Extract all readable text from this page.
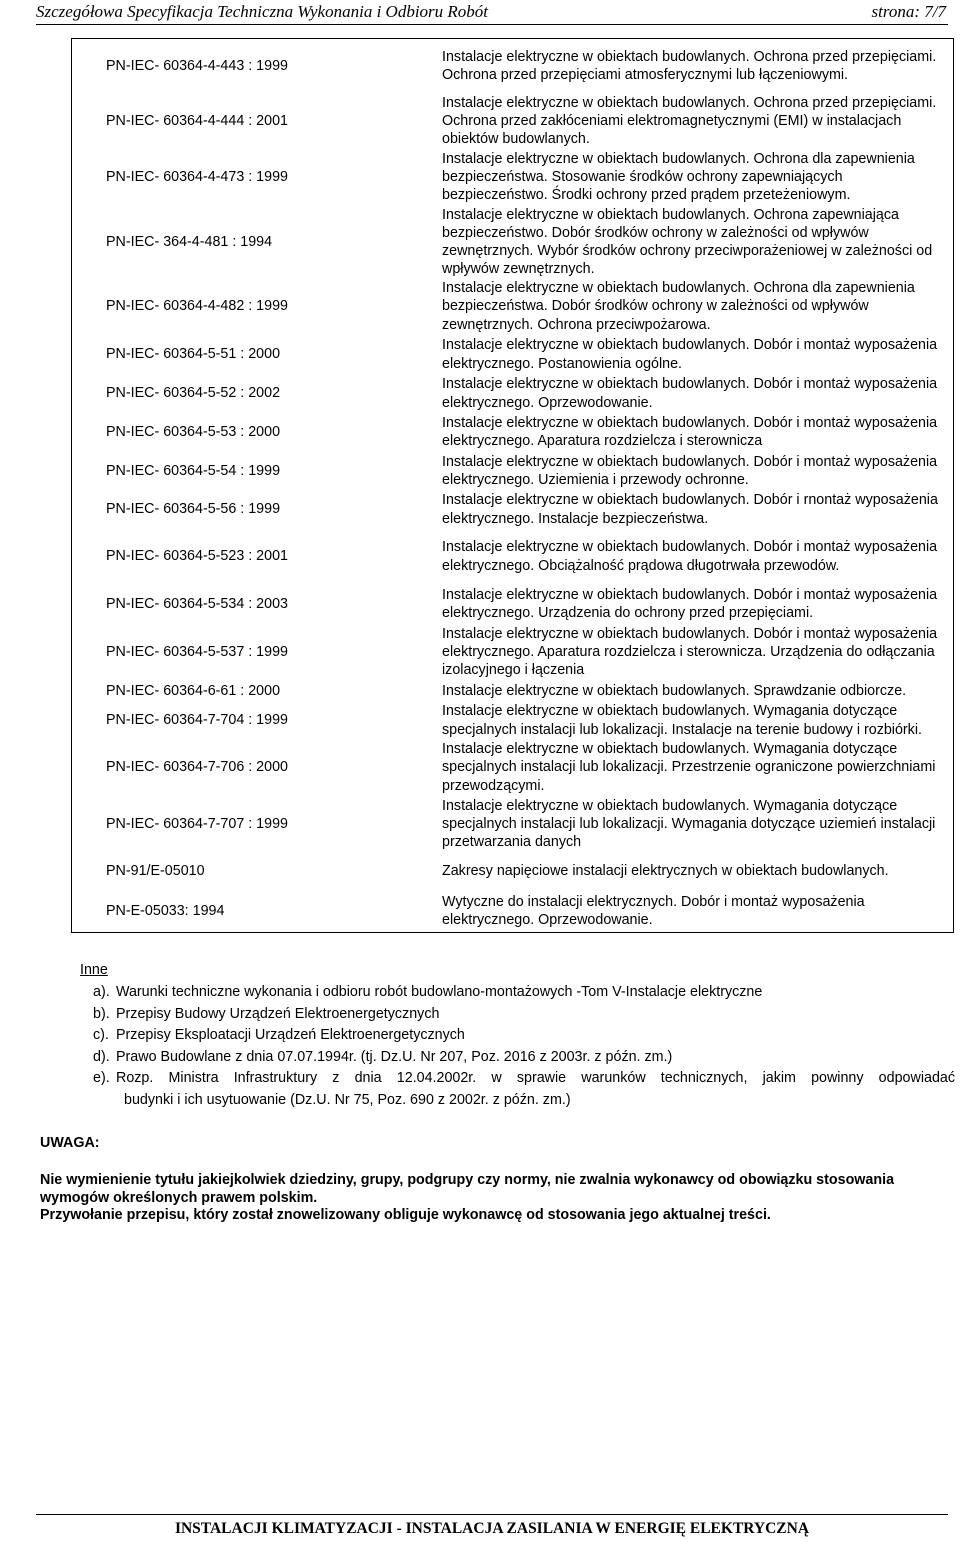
Szczegółowa Specyfikacja Techniczna Wykonania i Odbioru Robót	strona: 7/7
PN-IEC- 60364-4-443 : 1999	Instalacje elektryczne w obiektach budowlanych. Ochrona przed przepięciami. Ochrona przed przepięciami atmosferycznymi lub łączeniowymi.
PN-IEC- 60364-4-444 : 2001	Instalacje elektryczne w obiektach budowlanych. Ochrona przed przepięciami. Ochrona przed zakłóceniami elektromagnetycznymi (EMI) w instalacjach obiektów budowlanych.
PN-IEC- 60364-4-473 : 1999	Instalacje elektryczne w obiektach budowlanych. Ochrona dla zapewnienia bezpieczeństwa. Stosowanie środków ochrony zapewniających bezpieczeństwo. Środki ochrony przed prądem przeteżeniowym.
PN-IEC- 364-4-481 : 1994	Instalacje elektryczne w obiektach budowlanych. Ochrona zapewniająca bezpieczeństwo. Dobór środków ochrony w zależności od wpływów zewnętrznych. Wybór środków ochrony przeciwporażeniowej w zależności od wpływów zewnętrznych.
PN-IEC- 60364-4-482 : 1999	Instalacje elektryczne w obiektach budowlanych. Ochrona dla zapewnienia bezpieczeństwa. Dobór środków ochrony w zależności od wpływów zewnętrznych. Ochrona przeciwpożarowa.
PN-IEC- 60364-5-51 : 2000	Instalacje elektryczne w obiektach budowlanych. Dobór i montaż wyposażenia elektrycznego. Postanowienia ogólne.
PN-IEC- 60364-5-52 : 2002	Instalacje elektryczne w obiektach budowlanych. Dobór i montaż wyposażenia elektrycznego. Oprzewodowanie.
PN-IEC- 60364-5-53 : 2000	Instalacje elektryczne w obiektach budowlanych. Dobór i montaż wyposażenia elektrycznego. Aparatura rozdzielcza i sterownicza
PN-IEC- 60364-5-54 : 1999	Instalacje elektryczne w obiektach budowlanych. Dobór i montaż wyposażenia elektrycznego. Uziemienia i przewody ochronne.
PN-IEC- 60364-5-56 : 1999	Instalacje elektryczne w obiektach budowlanych. Dobór i rnontaż wyposażenia elektrycznego. Instalacje bezpieczeństwa.
PN-IEC- 60364-5-523 : 2001	Instalacje elektryczne w obiektach budowlanych. Dobór i montaż wyposażenia elektrycznego. Obciążalność prądowa długotrwała przewodów.
PN-IEC- 60364-5-534 : 2003	Instalacje elektryczne w obiektach budowlanych. Dobór i montaż wyposażenia elektrycznego. Urządzenia do ochrony przed przepięciami.
PN-IEC- 60364-5-537 : 1999	Instalacje elektryczne w obiektach budowlanych. Dobór i montaż wyposażenia elektrycznego. Aparatura rozdzielcza i sterownicza. Urządzenia do odłączania izolacyjnego i łączenia
PN-IEC- 60364-6-61 : 2000	Instalacje elektryczne w obiektach budowlanych. Sprawdzanie odbiorcze.
PN-IEC- 60364-7-704 : 1999	Instalacje elektryczne w obiektach budowlanych. Wymagania dotyczące specjalnych instalacji lub lokalizacji. Instalacje na terenie budowy i rozbiórki.
PN-IEC- 60364-7-706 : 2000	Instalacje elektryczne w obiektach budowlanych. Wymagania dotyczące specjalnych instalacji lub lokalizacji. Przestrzenie ograniczone powierzchniami przewodzącymi.
PN-IEC- 60364-7-707 : 1999	Instalacje elektryczne w obiektach budowlanych. Wymagania dotyczące specjalnych instalacji lub lokalizacji. Wymagania dotyczące uziemień instalacji przetwarzania danych
PN-91/E-05010	Zakresy napięciowe instalacji elektrycznych w obiektach budowlanych.
PN-E-05033: 1994	Wytyczne do instalacji elektrycznych. Dobór i montaż wyposażenia elektrycznego. Oprzewodowanie.
Inne
a). Warunki techniczne wykonania i odbioru robót budowlano-montażowych -Tom V-Instalacje elektryczne
b). Przepisy Budowy Urządzeń Elektroenergetycznych
c). Przepisy Eksploatacji Urządzeń Elektroenergetycznych
d). Prawo Budowlane z dnia 07.07.1994r. (tj. Dz.U. Nr 207, Poz. 2016 z 2003r. z późn. zm.)
e). Rozp. Ministra Infrastruktury z dnia 12.04.2002r. w sprawie warunków technicznych, jakim powinny odpowiadać
budynki i ich usytuowanie (Dz.U. Nr 75, Poz. 690 z 2002r. z późn. zm.)
UWAGA:
Nie wymienienie tytułu jakiejkolwiek dziedziny, grupy, podgrupy czy normy, nie zwalnia wykonawcy od obowiązku stosowania wymogów określonych prawem polskim.
Przywołanie przepisu, który został znowelizowany obliguje wykonawcę od stosowania jego aktualnej treści.
INSTALACJI KLIMATYZACJI - INSTALACJA ZASILANIA W ENERGIĘ ELEKTRYCZNĄ
